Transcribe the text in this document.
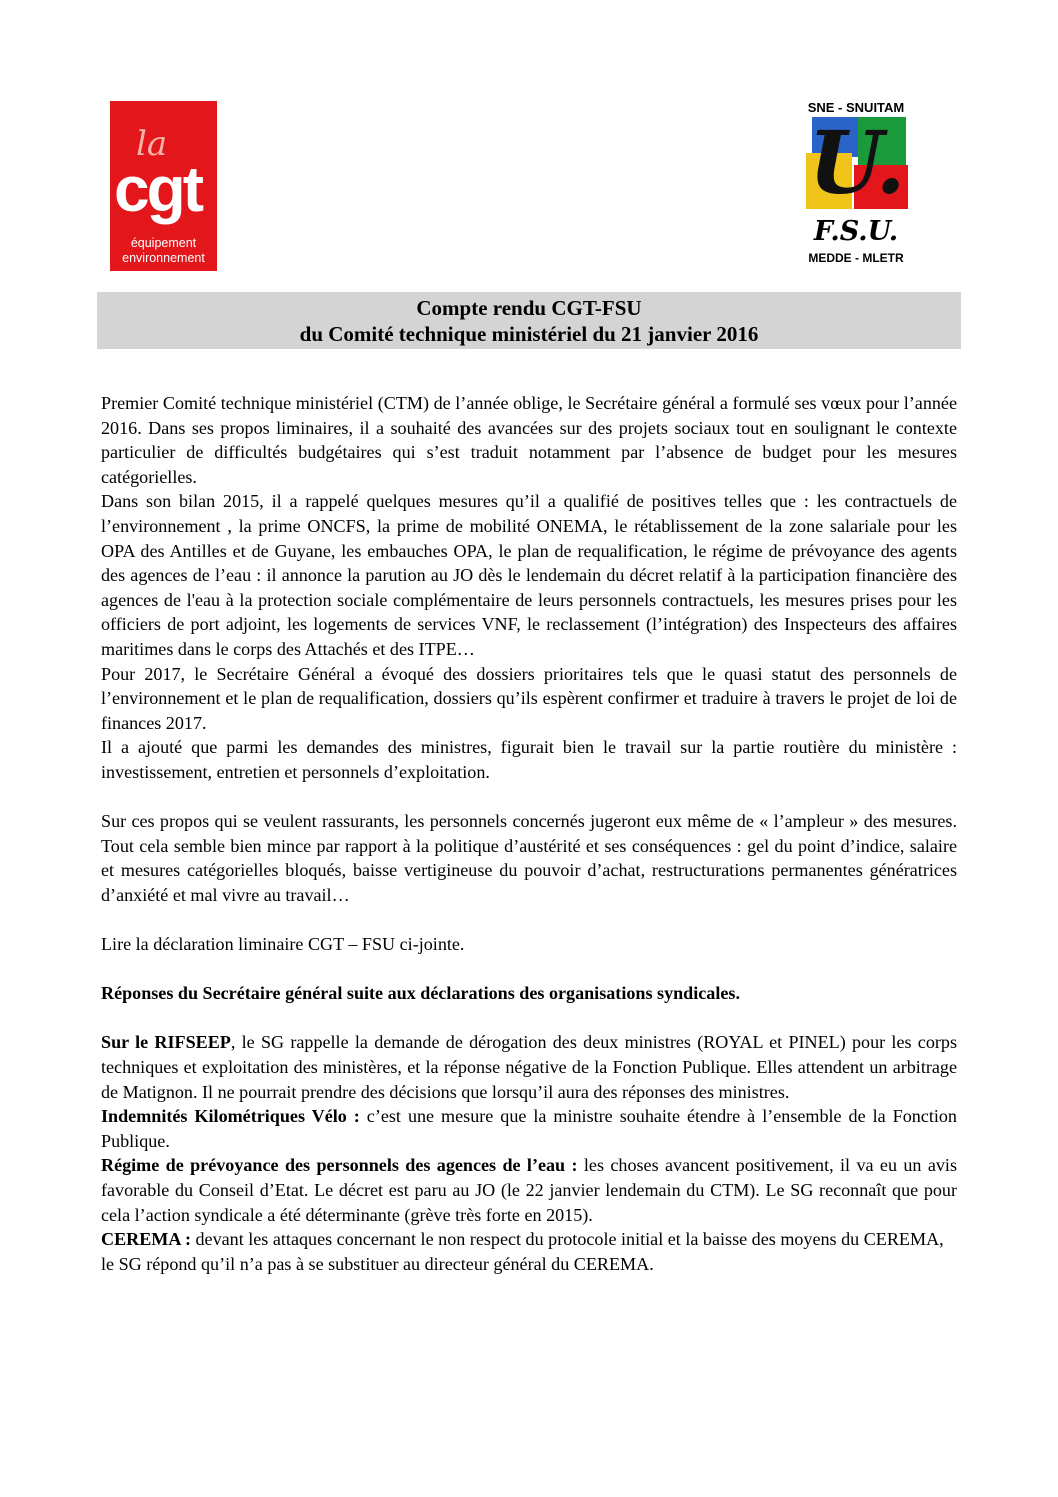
la
cgt
équipement
environnement
SNE - SNUITAM
U.
F.S.U.
MEDDE - MLETR
Compte rendu CGT-FSU
du Comité technique ministériel du 21 janvier 2016

Premier Comité technique ministériel (CTM) de l’année oblige, le Secrétaire général a formulé ses vœux pour l’année 2016. Dans ses propos liminaires, il a souhaité des avancées sur des projets sociaux tout en soulignant le contexte particulier de difficultés budgétaires qui s’est traduit notamment par l’absence de budget pour les mesures catégorielles.

Dans son bilan 2015, il a rappelé quelques mesures qu’il a qualifié de positives telles que : les contractuels de l’environnement , la prime ONCFS, la prime de mobilité ONEMA, le rétablissement de la zone salariale pour les OPA des Antilles et de Guyane, les embauches OPA, le plan de requalification, le régime de prévoyance des agents des agences de l’eau : il annonce la parution au JO dès le lendemain du décret relatif à la participation financière des agences de l'eau à la protection sociale complémentaire de leurs personnels contractuels, les mesures prises pour les officiers de port adjoint, les logements de services VNF, le reclassement (l’intégration) des Inspecteurs des affaires maritimes dans le corps des Attachés et des ITPE…

Pour 2017, le Secrétaire Général a évoqué des dossiers prioritaires tels que le quasi statut des personnels de l’environnement et le plan de requalification, dossiers qu’ils espèrent confirmer et traduire à travers le projet de loi de finances 2017.

Il a ajouté que parmi les demandes des ministres, figurait bien le travail sur la partie routière du ministère : investissement, entretien et personnels d’exploitation.

Sur ces propos qui se veulent rassurants, les personnels concernés jugeront eux même de « l’ampleur » des mesures. Tout cela semble bien mince par rapport à la politique d’austérité et ses conséquences : gel du point d’indice, salaire et mesures catégorielles bloqués, baisse vertigineuse du pouvoir d’achat, restructurations permanentes génératrices d’anxiété et mal vivre au travail…

Lire la déclaration liminaire CGT – FSU ci-jointe.

Réponses du Secrétaire général suite aux déclarations des organisations syndicales.

Sur le RIFSEEP, le SG rappelle la demande de dérogation des deux ministres (ROYAL et PINEL) pour les corps techniques et exploitation des ministères, et la réponse négative de la Fonction Publique. Elles attendent un arbitrage de Matignon. Il ne pourrait prendre des décisions que lorsqu’il aura des réponses des ministres.

Indemnités Kilométriques Vélo : c’est une mesure que la ministre souhaite étendre à l’ensemble de la Fonction Publique.

Régime de prévoyance des personnels des agences de l’eau : les choses avancent positivement, il va eu un avis favorable du Conseil d’Etat. Le décret est paru au JO (le 22 janvier lendemain du CTM). Le SG reconnaît que pour cela l’action syndicale a été déterminante (grève très forte en 2015).

CEREMA : devant les attaques concernant le non respect du protocole initial et la baisse des moyens du CEREMA, le SG répond qu’il n’a pas à se substituer au directeur général du CEREMA.
